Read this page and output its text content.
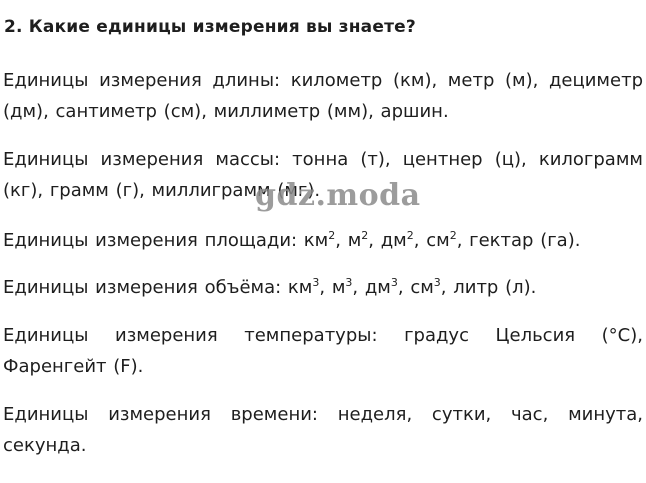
2. Какие единицы измерения вы знаете?
Единицы измерения длины: километр (км), метр (м), дециметр (дм), сантиметр (см), миллиметр (мм), аршин.
Единицы измерения массы: тонна (т), центнер (ц), килограмм (кг), грамм (г), миллиграмм (мг).
Единицы измерения площади: $км^2$, $м^2$, $дм^2$, $см^2$, гектар (га).
Единицы измерения объёма: $км^3$, $м^3$, $дм^3$, $см^3$, литр (л).
Единицы измерения температуры: градус Цельсия (°C), Фаренгейт (F).
Единицы измерения времени: неделя, сутки, час, минута, секунда.
gdz.moda
